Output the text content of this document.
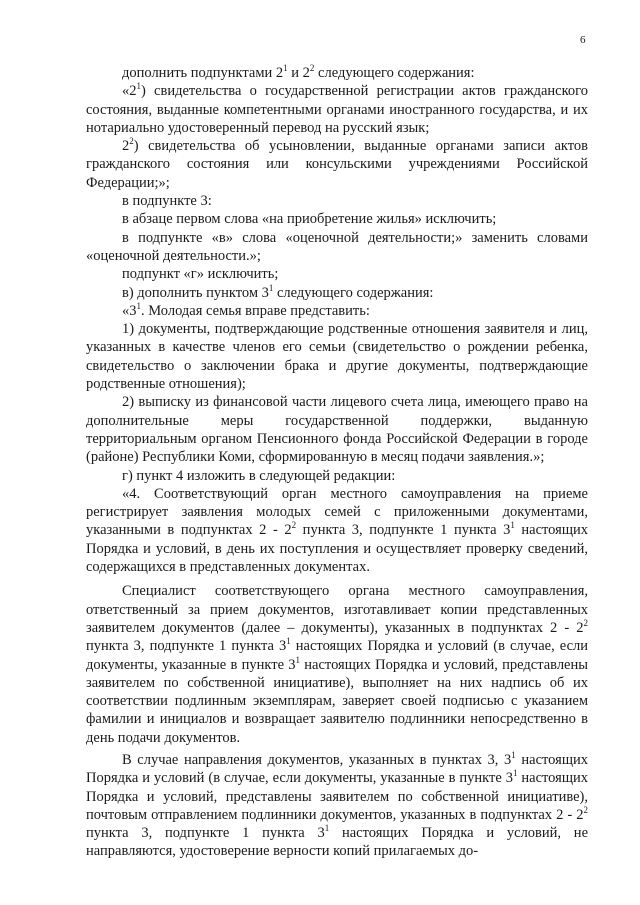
6

дополнить подпунктами $2^1$ и $2^2$ следующего содержания:

«$2^1$) свидетельства о государственной регистрации актов гражданского состояния, выданные компетентными органами иностранного государства, и их нотариально удостоверенный перевод на русский язык;

$2^2$) свидетельства об усыновлении, выданные органами записи актов гражданского состояния или консульскими учреждениями Российской Федерации;»;

в подпункте 3:

в абзаце первом слова «на приобретение жилья» исключить;

в подпункте «в» слова «оценочной деятельности;» заменить словами «оценочной деятельности.»;

подпункт «г» исключить;

в) дополнить пунктом $3^1$ следующего содержания:

«$3^1$. Молодая семья вправе представить:

1) документы, подтверждающие родственные отношения заявителя и лиц, указанных в качестве членов его семьи (свидетельство о рождении ребенка, свидетельство о заключении брака и другие документы, подтверждающие родственные отношения);

2) выписку из финансовой части лицевого счета лица, имеющего право на дополнительные меры государственной поддержки, выданную территориальным органом Пенсионного фонда Российской Федерации в городе (районе) Республики Коми, сформированную в месяц подачи заявления.»;

г) пункт 4 изложить в следующей редакции:

«4. Соответствующий орган местного самоуправления на приеме регистрирует заявления молодых семей с приложенными документами, указанными в подпунктах $2 - 2^2$ пункта 3, подпункте 1 пункта $3^1$ настоящих Порядка и условий, в день их поступления и осуществляет проверку сведений, содержащихся в представленных документах.

Специалист соответствующего органа местного самоуправления, ответственный за прием документов, изготавливает копии представленных заявителем документов (далее – документы), указанных в подпунктах $2 - 2^2$ пункта 3, подпункте 1 пункта $3^1$ настоящих Порядка и условий (в случае, если документы, указанные в пункте $3^1$ настоящих Порядка и условий, представлены заявителем по собственной инициативе), выполняет на них надпись об их соответствии подлинным экземплярам, заверяет своей подписью с указанием фамилии и инициалов и возвращает заявителю подлинники непосредственно в день подачи документов.

В случае направления документов, указанных в пунктах 3, $3^1$ настоящих Порядка и условий (в случае, если документы, указанные в пункте $3^1$ настоящих Порядка и условий, представлены заявителем по собственной инициативе), почтовым отправлением подлинники документов, указанных в подпунктах $2 - 2^2$ пункта 3, подпункте 1 пункта $3^1$ настоящих Порядка и условий, не направляются, удостоверение верности копий прилагаемых до-
